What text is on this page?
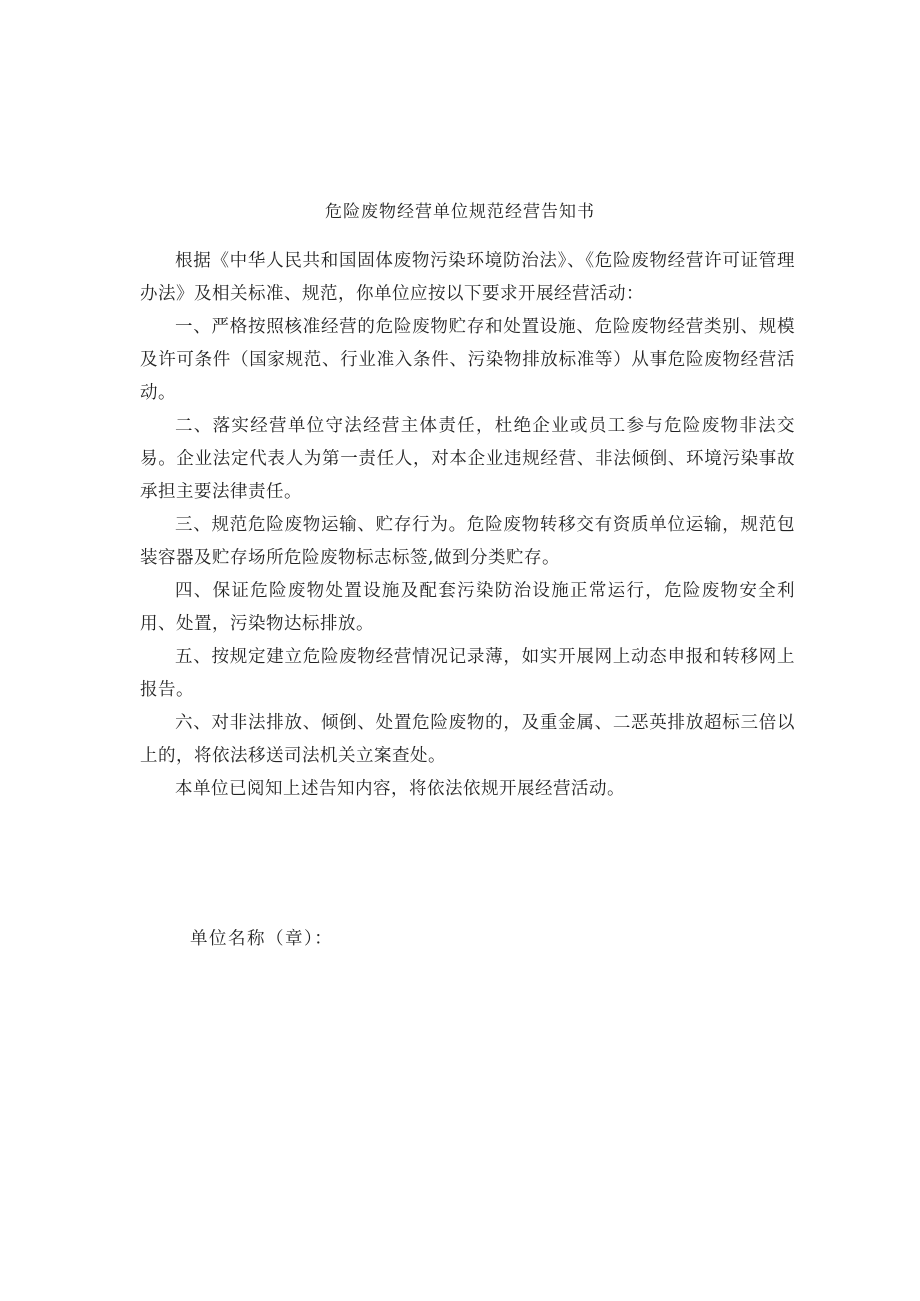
危险废物经营单位规范经营告知书

根据《中华人民共和国固体废物污染环境防治法》、《危险废物经营许可证管理办法》及相关标准、规范，你单位应按以下要求开展经营活动：

一、严格按照核准经营的危险废物贮存和处置设施、危险废物经营类别、规模及许可条件（国家规范、行业准入条件、污染物排放标准等）从事危险废物经营活动。

二、落实经营单位守法经营主体责任，杜绝企业或员工参与危险废物非法交易。企业法定代表人为第一责任人，对本企业违规经营、非法倾倒、环境污染事故承担主要法律责任。

三、规范危险废物运输、贮存行为。危险废物转移交有资质单位运输，规范包装容器及贮存场所危险废物标志标签,做到分类贮存。

四、保证危险废物处置设施及配套污染防治设施正常运行，危险废物安全利用、处置，污染物达标排放。

五、按规定建立危险废物经营情况记录薄，如实开展网上动态申报和转移网上报告。

六、对非法排放、倾倒、处置危险废物的，及重金属、二恶英排放超标三倍以上的，将依法移送司法机关立案查处。

本单位已阅知上述告知内容，将依法依规开展经营活动。

单位名称（章）：
